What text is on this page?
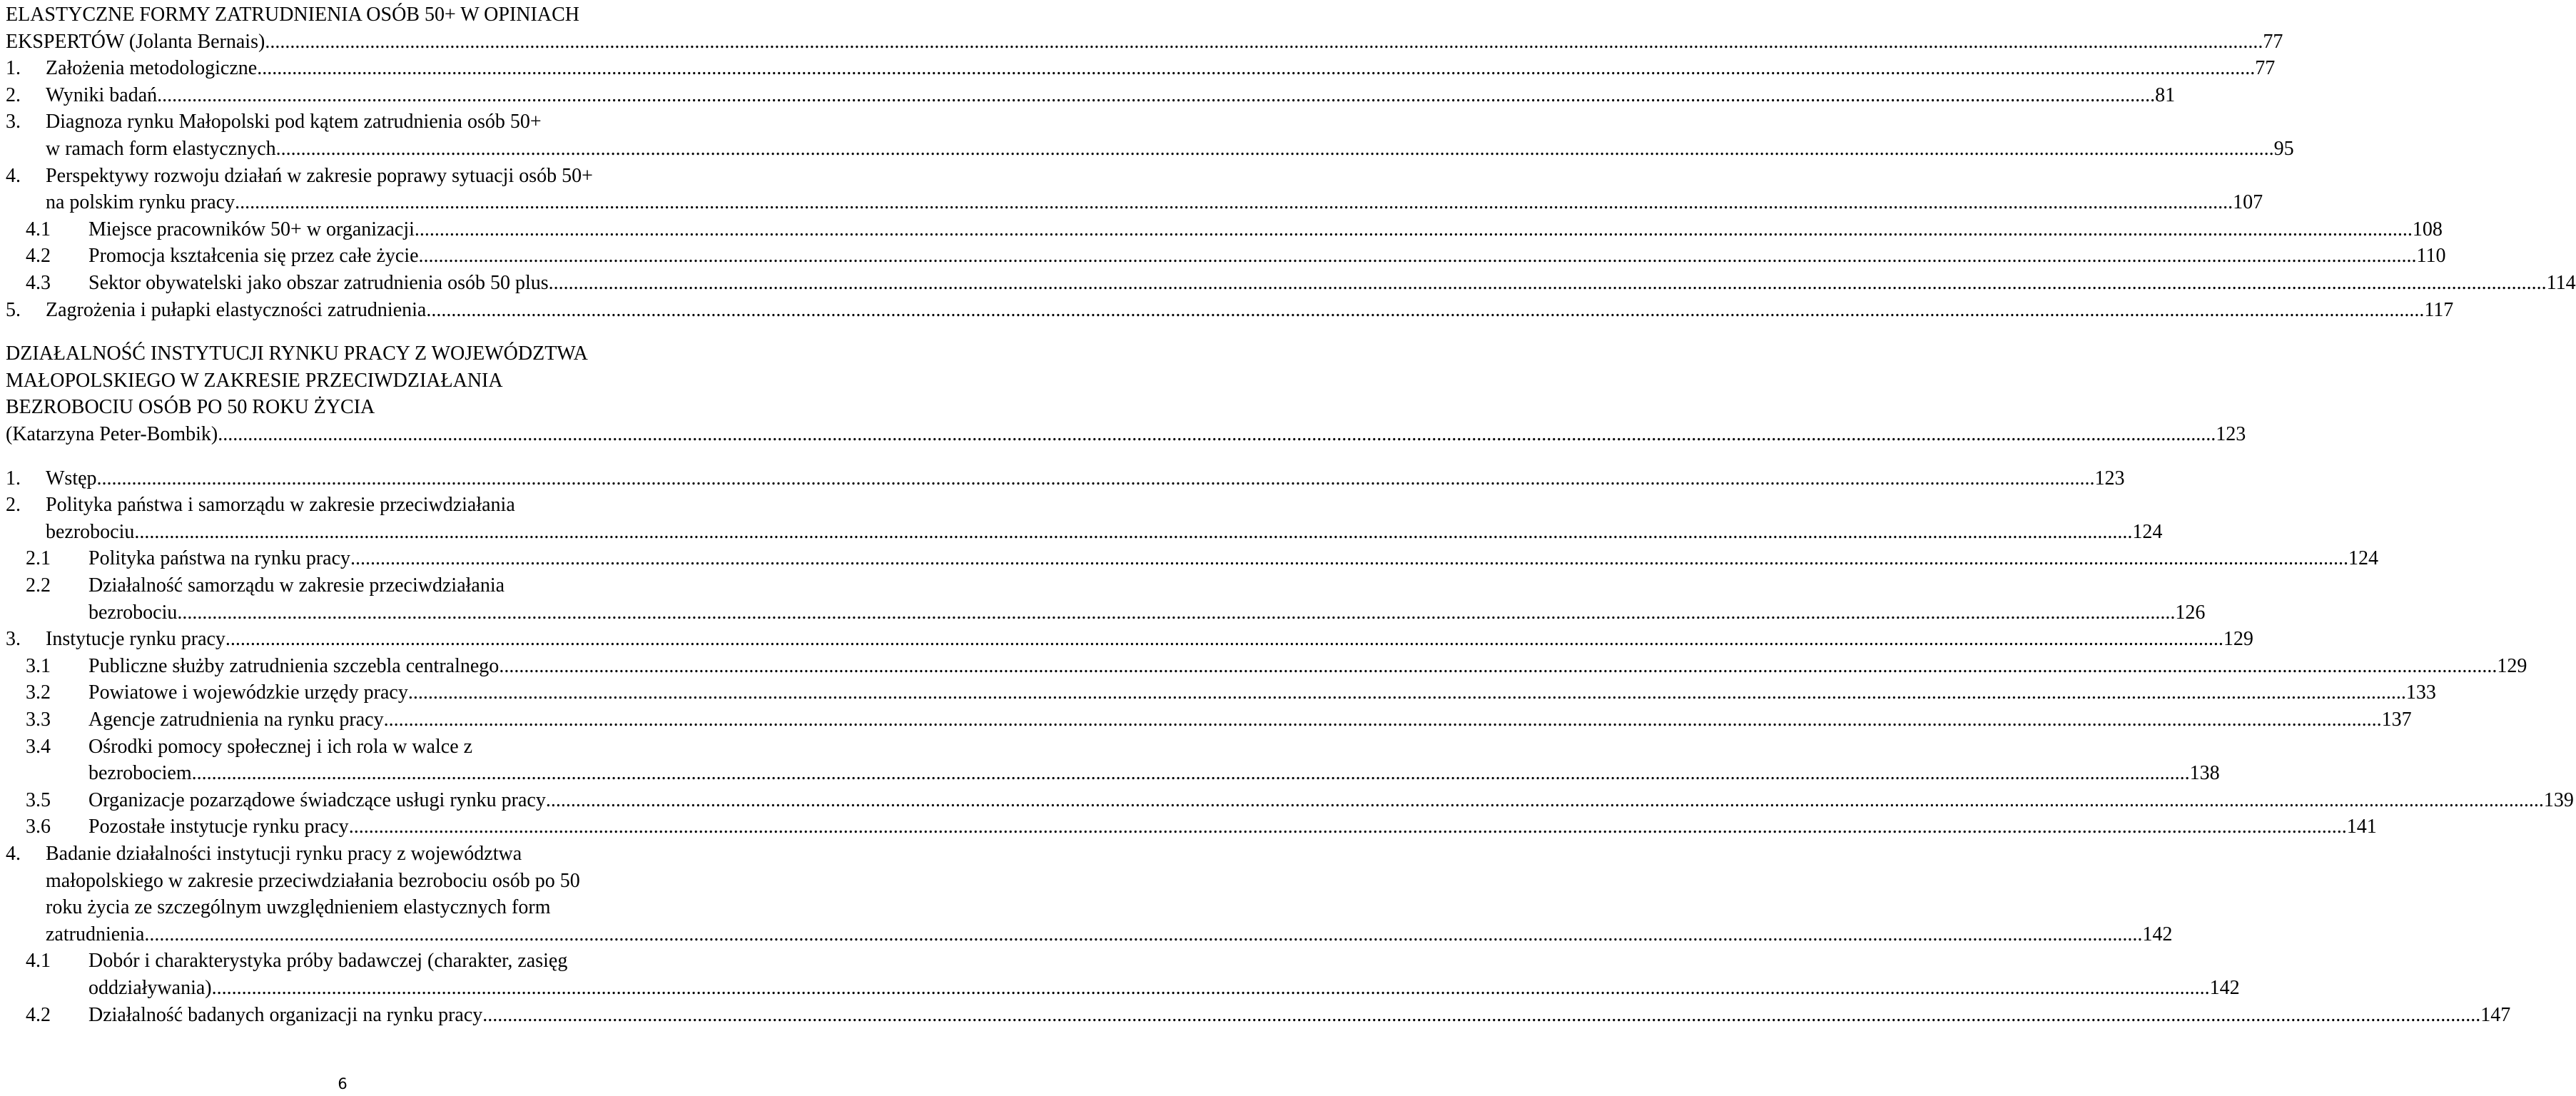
ELASTYCZNE FORMY ZATRUDNIENIA OSÓB 50+ W OPINIACH
EKSPERTÓW (Jolanta Bernais) ................................................................................................................................................................................................................................................................................................................................................................................................................ 77
1. Założenia metodologiczne ................................................................................................................................................................................................................................................................................................................................................................................................................ 77
2. Wyniki badań ................................................................................................................................................................................................................................................................................................................................................................................................................ 81
3. Diagnoza rynku Małopolski pod kątem zatrudnienia osób 50+
w ramach form elastycznych ................................................................................................................................................................................................................................................................................................................................................................................................................ 95
4. Perspektywy rozwoju działań w zakresie poprawy sytuacji osób 50+
na polskim rynku pracy ................................................................................................................................................................................................................................................................................................................................................................................................................ 107
4.1 Miejsce pracowników 50+ w organizacji ................................................................................................................................................................................................................................................................................................................................................................................................................ 108
4.2 Promocja kształcenia się przez całe życie ................................................................................................................................................................................................................................................................................................................................................................................................................ 110
4.3 Sektor obywatelski jako obszar zatrudnienia osób 50 plus ................................................................................................................................................................................................................................................................................................................................................................................................................ 114
5. Zagrożenia i pułapki elastyczności zatrudnienia ................................................................................................................................................................................................................................................................................................................................................................................................................ 117
DZIAŁALNOŚĆ INSTYTUCJI RYNKU PRACY Z WOJEWÓDZTWA
MAŁOPOLSKIEGO W ZAKRESIE PRZECIWDZIAŁANIA
BEZROBOCIU OSÓB PO 50 ROKU ŻYCIA
(Katarzyna Peter-Bombik) ................................................................................................................................................................................................................................................................................................................................................................................................................ 123
1. Wstęp ................................................................................................................................................................................................................................................................................................................................................................................................................ 123
2. Polityka państwa i samorządu w zakresie przeciwdziałania
bezrobociu ................................................................................................................................................................................................................................................................................................................................................................................................................ 124
2.1 Polityka państwa na rynku pracy ................................................................................................................................................................................................................................................................................................................................................................................................................ 124
2.2 Działalność samorządu w zakresie przeciwdziałania
bezrobociu ................................................................................................................................................................................................................................................................................................................................................................................................................ 126
3. Instytucje rynku pracy ................................................................................................................................................................................................................................................................................................................................................................................................................ 129
3.1 Publiczne służby zatrudnienia szczebla centralnego ................................................................................................................................................................................................................................................................................................................................................................................................................ 129
3.2 Powiatowe i wojewódzkie urzędy pracy ................................................................................................................................................................................................................................................................................................................................................................................................................ 133
3.3 Agencje zatrudnienia na rynku pracy ................................................................................................................................................................................................................................................................................................................................................................................................................ 137
3.4 Ośrodki pomocy społecznej i ich rola w walce z
bezrobociem ................................................................................................................................................................................................................................................................................................................................................................................................................ 138
3.5 Organizacje pozarządowe świadczące usługi rynku pracy ................................................................................................................................................................................................................................................................................................................................................................................................................ 139
3.6 Pozostałe instytucje rynku pracy ................................................................................................................................................................................................................................................................................................................................................................................................................ 141
4. Badanie działalności instytucji rynku pracy z województwa
małopolskiego w zakresie przeciwdziałania bezrobociu osób po 50
roku życia ze szczególnym uwzględnieniem elastycznych form
zatrudnienia ................................................................................................................................................................................................................................................................................................................................................................................................................ 142
4.1 Dobór i charakterystyka próby badawczej (charakter, zasięg
oddziaływania) ................................................................................................................................................................................................................................................................................................................................................................................................................ 142
4.2 Działalność badanych organizacji na rynku pracy ................................................................................................................................................................................................................................................................................................................................................................................................................ 147
6
